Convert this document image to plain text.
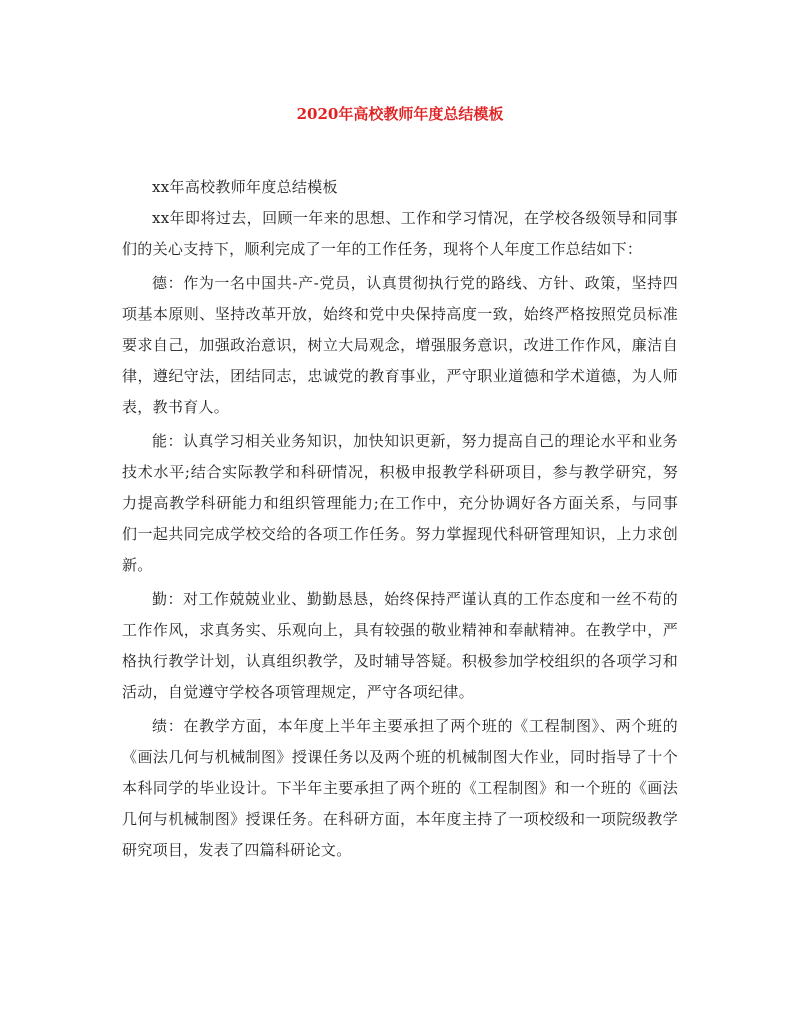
2020年高校教师年度总结模板

xx年高校教师年度总结模板

xx年即将过去，回顾一年来的思想、工作和学习情况，在学校各级领导和同事们的关心支持下，顺利完成了一年的工作任务，现将个人年度工作总结如下：

德：作为一名中国共-产-党员，认真贯彻执行党的路线、方针、政策，坚持四项基本原则、坚持改革开放，始终和党中央保持高度一致，始终严格按照党员标准要求自己，加强政治意识，树立大局观念，增强服务意识，改进工作作风，廉洁自律，遵纪守法，团结同志，忠诚党的教育事业，严守职业道德和学术道德，为人师表，教书育人。

能：认真学习相关业务知识，加快知识更新，努力提高自己的理论水平和业务技术水平;结合实际教学和科研情况，积极申报教学科研项目，参与教学研究，努力提高教学科研能力和组织管理能力;在工作中，充分协调好各方面关系，与同事们一起共同完成学校交给的各项工作任务。努力掌握现代科研管理知识，上力求创新。

勤：对工作兢兢业业、勤勤恳恳，始终保持严谨认真的工作态度和一丝不苟的工作作风，求真务实、乐观向上，具有较强的敬业精神和奉献精神。在教学中，严格执行教学计划，认真组织教学，及时辅导答疑。积极参加学校组织的各项学习和活动，自觉遵守学校各项管理规定，严守各项纪律。

绩：在教学方面，本年度上半年主要承担了两个班的《工程制图》、两个班的《画法几何与机械制图》授课任务以及两个班的机械制图大作业，同时指导了十个本科同学的毕业设计。下半年主要承担了两个班的《工程制图》和一个班的《画法几何与机械制图》授课任务。在科研方面，本年度主持了一项校级和一项院级教学研究项目，发表了四篇科研论文。
